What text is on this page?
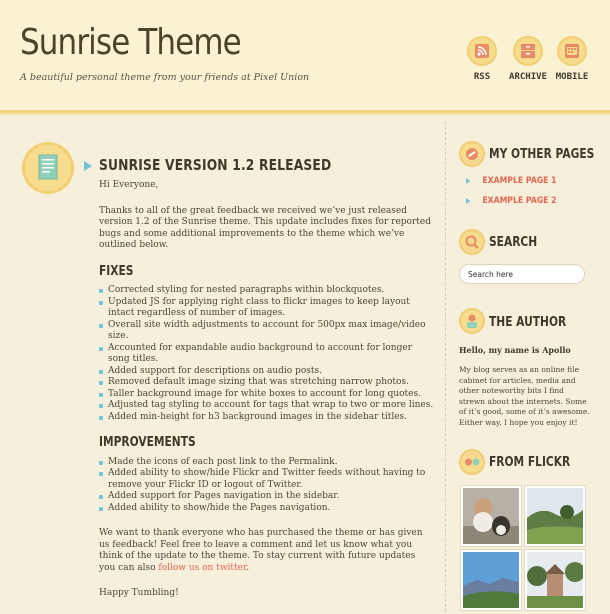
Sunrise Theme
A beautiful personal theme from your friends at Pixel Union	RSS	ARCHIVE MOBILE
SUNRISE VERSION 1.2 RELEASED

Hi Everyone,

Thanks to all of the great feedback we received we’ve just released version 1.2 of the Sunrise theme. This update includes fixes for reported bugs and some additional improvements to the theme which we’ve outlined below.

FIXES
Corrected styling for nested paragraphs within blockquotes.
Updated JS for applying right class to flickr images to keep layout intact regardless of number of images.
Overall site width adjustments to account for 500px max image/video size.
Accounted for expandable audio background to account for longer song titles.
Added support for descriptions on audio posts.
Removed default image sizing that was stretching narrow photos.
Taller background image for white boxes to account for long quotes.
Adjusted tag styling to account for tags that wrap to two or more lines.
Added min-height for h3 background images in the sidebar titles.
IMPROVEMENTS
Made the icons of each post link to the Permalink.
Added ability to show/hide Flickr and Twitter feeds without having to remove your Flickr ID or logout of Twitter.
Added support for Pages navigation in the sidebar.
Added ability to show/hide the Pages navigation.

We want to thank everyone who has purchased the theme or has given us feedback! Feel free to leave a comment and let us know what you think of the update to the theme. To stay current with future updates you can also follow us on twitter.

Happy Tumbling!

MY OTHER PAGES
EXAMPLE PAGE 1
EXAMPLE PAGE 2
SEARCH
Search here
THE AUTHOR
Hello, my name is Apollo
My blog serves as an online file cabinet for articles, media and other noteworthy bits I find strewn about the internets. Some of it’s good, some of it’s awesome. Either way, I hope you enjoy it!
FROM FLICKR
